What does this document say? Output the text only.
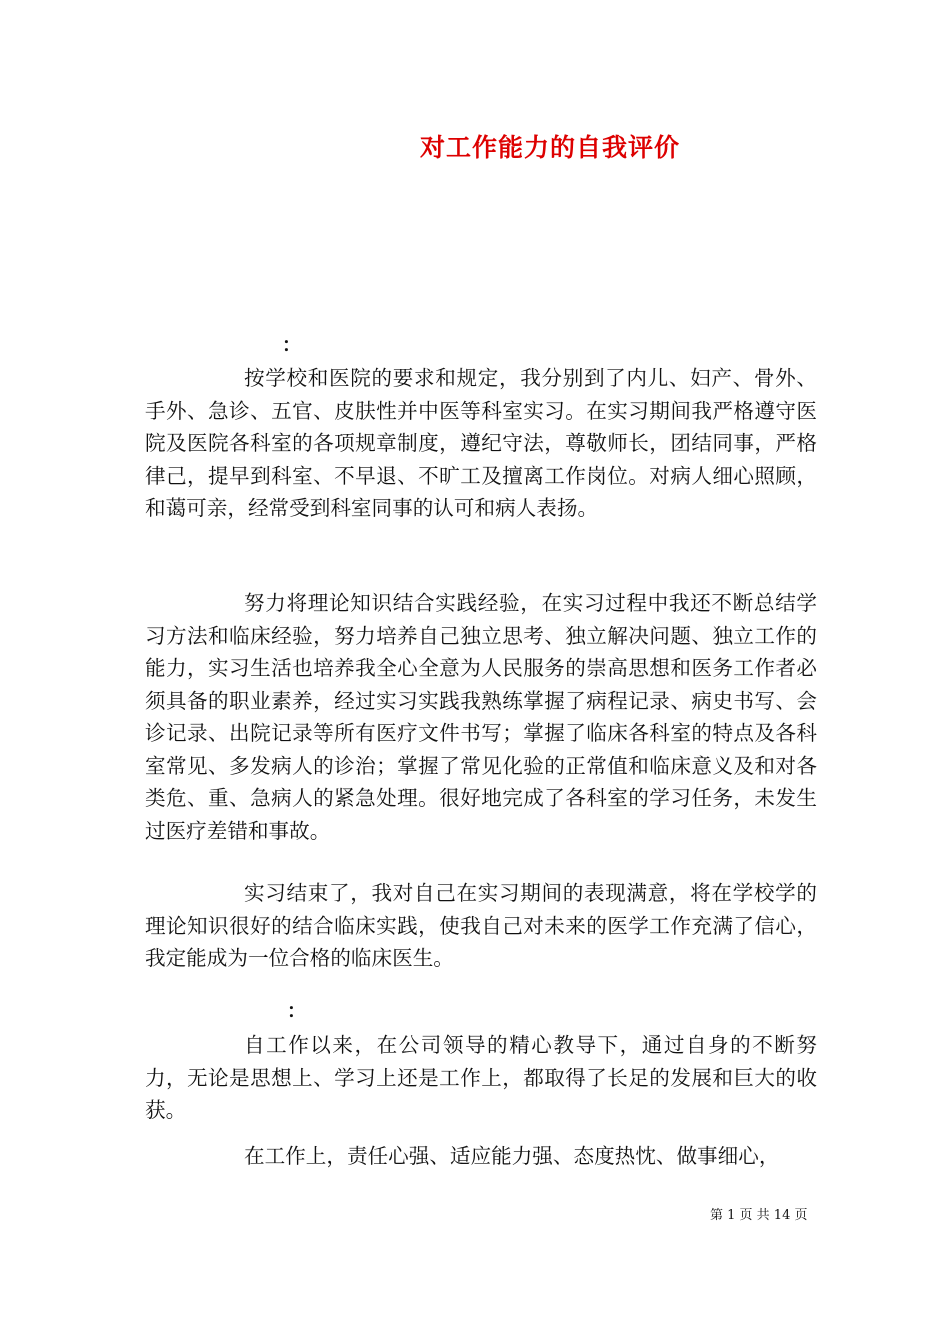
对工作能力的自我评价

：

按学校和医院的要求和规定，我分别到了内儿、妇产、骨外、手外、急诊、五官、皮肤性并中医等科室实习。在实习期间我严格遵守医院及医院各科室的各项规章制度，遵纪守法，尊敬师长，团结同事，严格律己，提早到科室、不早退、不旷工及擅离工作岗位。对病人细心照顾，和蔼可亲，经常受到科室同事的认可和病人表扬。

努力将理论知识结合实践经验，在实习过程中我还不断总结学习方法和临床经验，努力培养自己独立思考、独立解决问题、独立工作的能力，实习生活也培养我全心全意为人民服务的崇高思想和医务工作者必须具备的职业素养，经过实习实践我熟练掌握了病程记录、病史书写、会诊记录、出院记录等所有医疗文件书写；掌握了临床各科室的特点及各科室常见、多发病人的诊治；掌握了常见化验的正常值和临床意义及和对各类危、重、急病人的紧急处理。很好地完成了各科室的学习任务，未发生过医疗差错和事故。

实习结束了，我对自己在实习期间的表现满意，将在学校学的理论知识很好的结合临床实践，使我自己对未来的医学工作充满了信心，我定能成为一位合格的临床医生。

：

自工作以来，在公司领导的精心教导下，通过自身的不断努力，无论是思想上、学习上还是工作上，都取得了长足的发展和巨大的收获。

在工作上，责任心强、适应能力强、态度热忱、做事细心，

第 1 页 共 14 页
